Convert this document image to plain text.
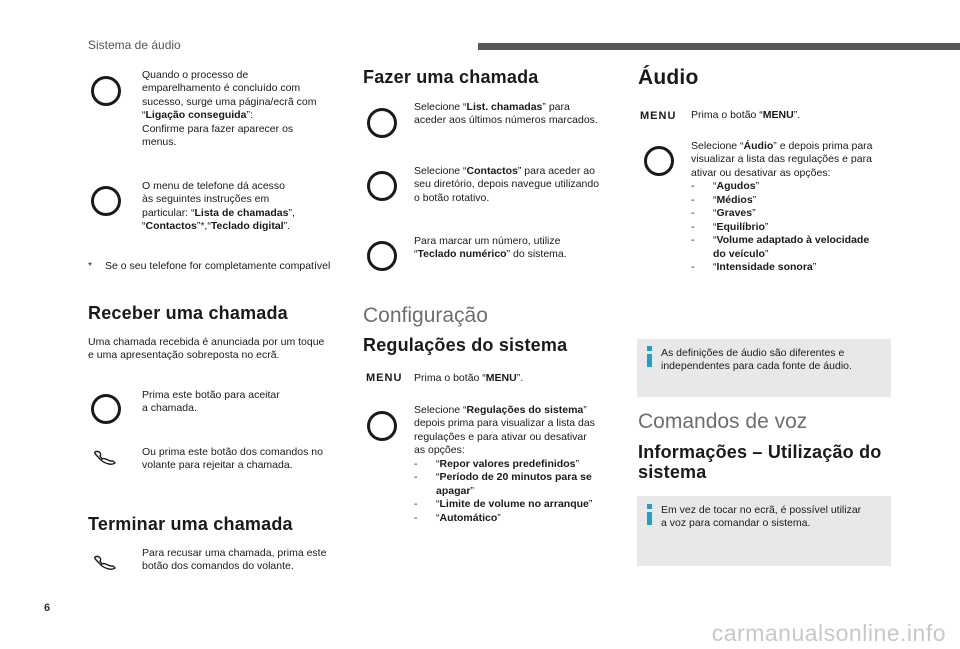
Sistema de áudio
Quando o processo de
emparelhamento é concluído com
sucesso, surge uma página/ecrã com
“Ligação conseguida”:
Confirme para fazer aparecer os
menus.
O menu de telefone dá acesso
às seguintes instruções em
particular: “Lista de chamadas”,
“Contactos”*,“Teclado digital”.
* Se o seu telefone for completamente compatível
Receber uma chamada
Uma chamada recebida é anunciada por um toque
e uma apresentação sobreposta no ecrã.
Prima este botão para aceitar
a chamada.
Ou prima este botão dos comandos no
volante para rejeitar a chamada.
Terminar uma chamada
Para recusar uma chamada, prima este
botão dos comandos do volante.
Fazer uma chamada
Selecione “List. chamadas” para
aceder aos últimos números marcados.
Selecione “Contactos” para aceder ao
seu diretório, depois navegue utilizando
o botão rotativo.
Para marcar um número, utilize
“Teclado numérico” do sistema.
Configuração
Regulações do sistema
MENU Prima o botão “MENU”.
Selecione “Regulações do sistema”
depois prima para visualizar a lista das
regulações e para ativar ou desativar
as opções:
- “Repor valores predefinidos”
- “Período de 20 minutos para se apagar”
- “Limite de volume no arranque”
- “Automático”
Áudio
MENU Prima o botão “MENU”.
Selecione “Áudio” e depois prima para
visualizar a lista das regulações e para
ativar ou desativar as opções:
- “Agudos”
- “Médios”
- “Graves”
- “Equilíbrio”
- “Volume adaptado à velocidade do veículo”
- “Intensidade sonora”
As definições de áudio são diferentes e
independentes para cada fonte de áudio.
Comandos de voz
Informações – Utilização do
sistema
Em vez de tocar no ecrã, é possível utilizar
a voz para comandar o sistema.
6
carmanualsonline.info
